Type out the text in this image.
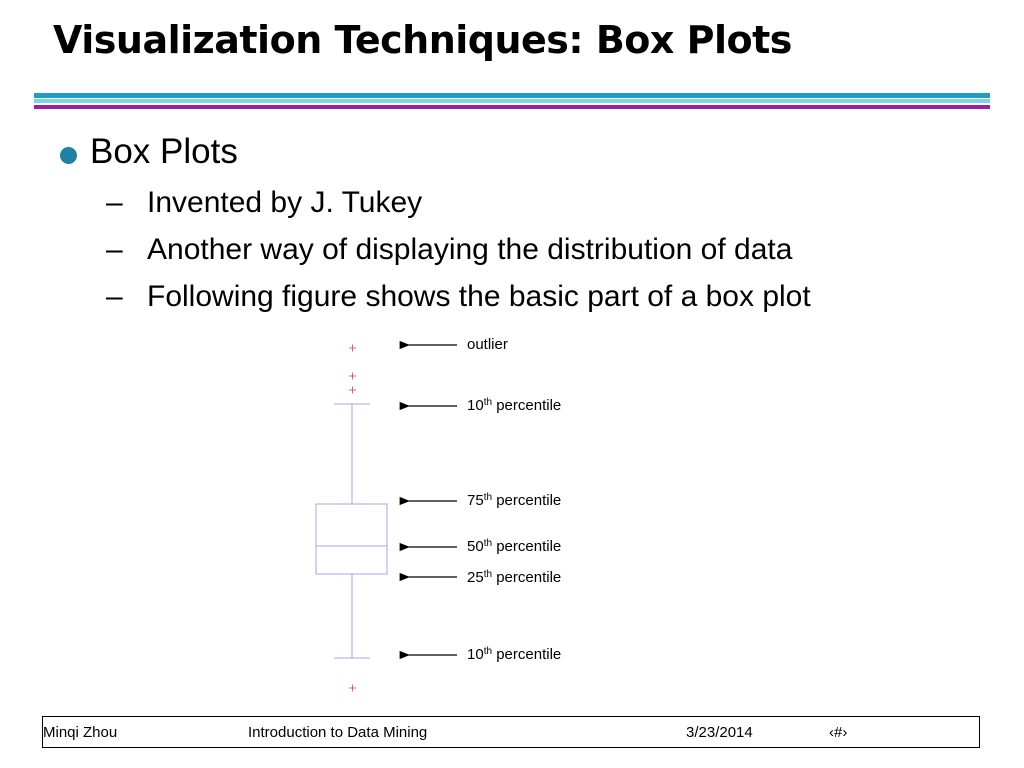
Visualization Techniques: Box Plots
Box Plots
– Invented by J. Tukey
– Another way of displaying the distribution of data
– Following figure shows the basic part of a box plot
outlier
10th percentile
75th percentile
50th percentile
25th percentile
10th percentile
Minqi Zhou	Introduction to Data Mining	3/23/2014	‹#›
